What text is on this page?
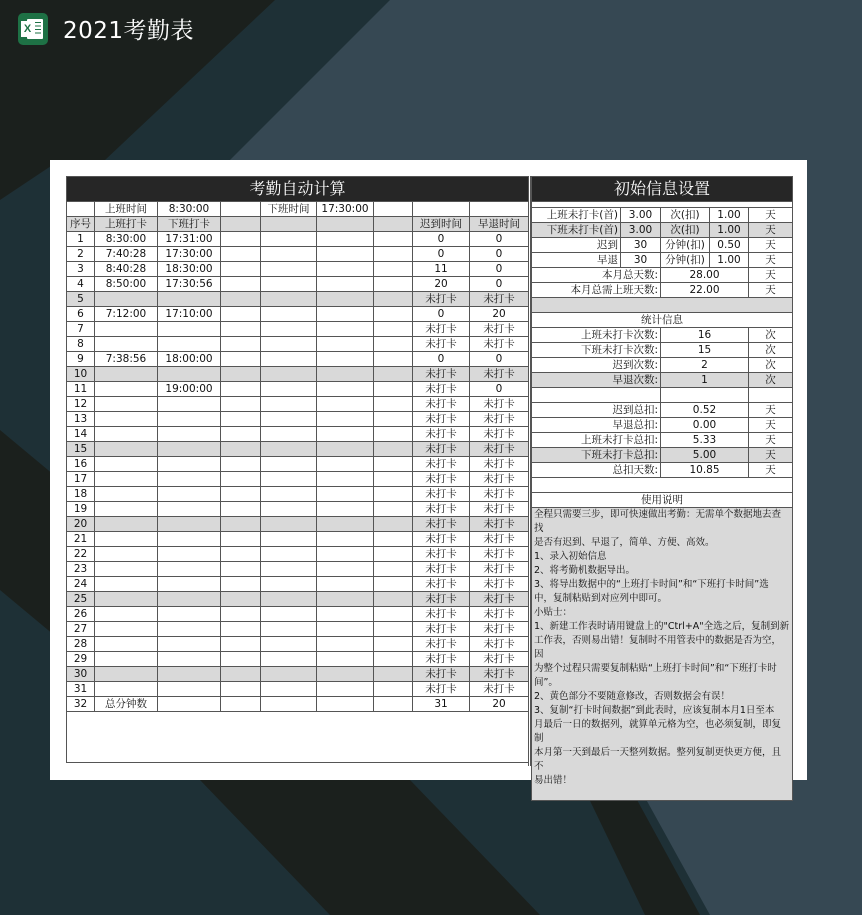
X 2021考勤表
考勤自动计算								
	上班时间	8:30:00		下班时间	17:30:00			
序号	上班打卡	下班打卡					迟到时间	早退时间
1	8:30:00	17:31:00					0	0
2	7:40:28	17:30:00					0	0
3	8:40:28	18:30:00					11	0
4	8:50:00	17:30:56					20	0
5							未打卡	未打卡
6	7:12:00	17:10:00					0	20
7							未打卡	未打卡
8							未打卡	未打卡
9	7:38:56	18:00:00					0	0
10							未打卡	未打卡
11		19:00:00					未打卡	0
12							未打卡	未打卡
13							未打卡	未打卡
14							未打卡	未打卡
15							未打卡	未打卡
16							未打卡	未打卡
17							未打卡	未打卡
18							未打卡	未打卡
19							未打卡	未打卡
20							未打卡	未打卡
21							未打卡	未打卡
22							未打卡	未打卡
23							未打卡	未打卡
24							未打卡	未打卡
25							未打卡	未打卡
26							未打卡	未打卡
27							未打卡	未打卡
28							未打卡	未打卡
29							未打卡	未打卡
30							未打卡	未打卡
31							未打卡	未打卡
32	总分钟数						31	20

初始信息设置				

上班未打卡(首)	3.00	次(扣)	1.00	天
下班未打卡(首)	3.00	次(扣)	1.00	天
迟到	30	分钟(扣)	0.50	天
早退	30	分钟(扣)	1.00	天
本月总天数:		28.00		天
本月总需上班天数:		22.00		天

统计信息				
上班未打卡次数:		16		次
下班未打卡次数:		15		次
迟到次数:		2		次
早退次数:		1		次

迟到总扣:		0.52		天
早退总扣:		0.00		天
上班未打卡总扣:		5.33		天
下班未打卡总扣:		5.00		天
总扣天数:		10.85		天

使用说明				
全程只需要三步，即可快速做出考勤：无需单个数据地去查找				
是否有迟到、早退了，简单、方便、高效。				
1、录入初始信息				
2、将考勤机数据导出。				
3、将导出数据中的“上班打卡时间”和“下班打卡时间”选				
中，复制粘贴到对应列中即可。				
小贴士：				
1、新建工作表时请用键盘上的"Ctrl+A"全选之后，复制到新				
工作表，否则易出错！复制时不用管表中的数据是否为空，因				
为整个过程只需要复制粘贴“上班打卡时间”和“下班打卡时				
间”。				
2、黄色部分不要随意修改，否则数据会有误！				
3、复制“打卡时间数据”到此表时，应该复制本月1日至本				
月最后一日的数据列，就算单元格为空，也必须复制，即复制				
本月第一天到最后一天整列数据。整列复制更快更方便，且不				
易出错！				
